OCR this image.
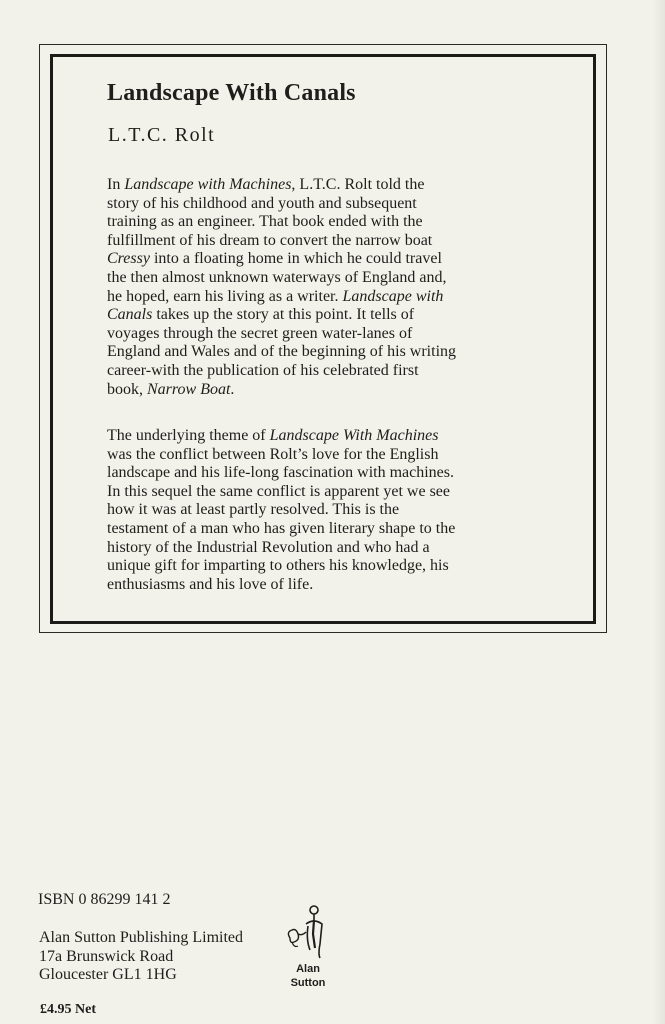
Landscape With Canals

L.T.C. Rolt

In Landscape with Machines, L.T.C. Rolt told the
story of his childhood and youth and subsequent
training as an engineer. That book ended with the
fulfillment of his dream to convert the narrow boat
Cressy into a floating home in which he could travel
the then almost unknown waterways of England and,
he hoped, earn his living as a writer. Landscape with
Canals takes up the story at this point. It tells of
voyages through the secret green water-lanes of
England and Wales and of the beginning of his writing
career-with the publication of his celebrated first
book, Narrow Boat.
The underlying theme of Landscape With Machines
was the conflict between Rolt’s love for the English
landscape and his life-long fascination with machines.
In this sequel the same conflict is apparent yet we see
how it was at least partly resolved. This is the
testament of a man who has given literary shape to the
history of the Industrial Revolution and who had a
unique gift for imparting to others his knowledge, his
enthusiasms and his love of life.

ISBN 0 86299 141 2

Alan Sutton Publishing Limited
17a Brunswick Road
Gloucester GL1 1HG	Alan
Sutton

£4.95 Net
